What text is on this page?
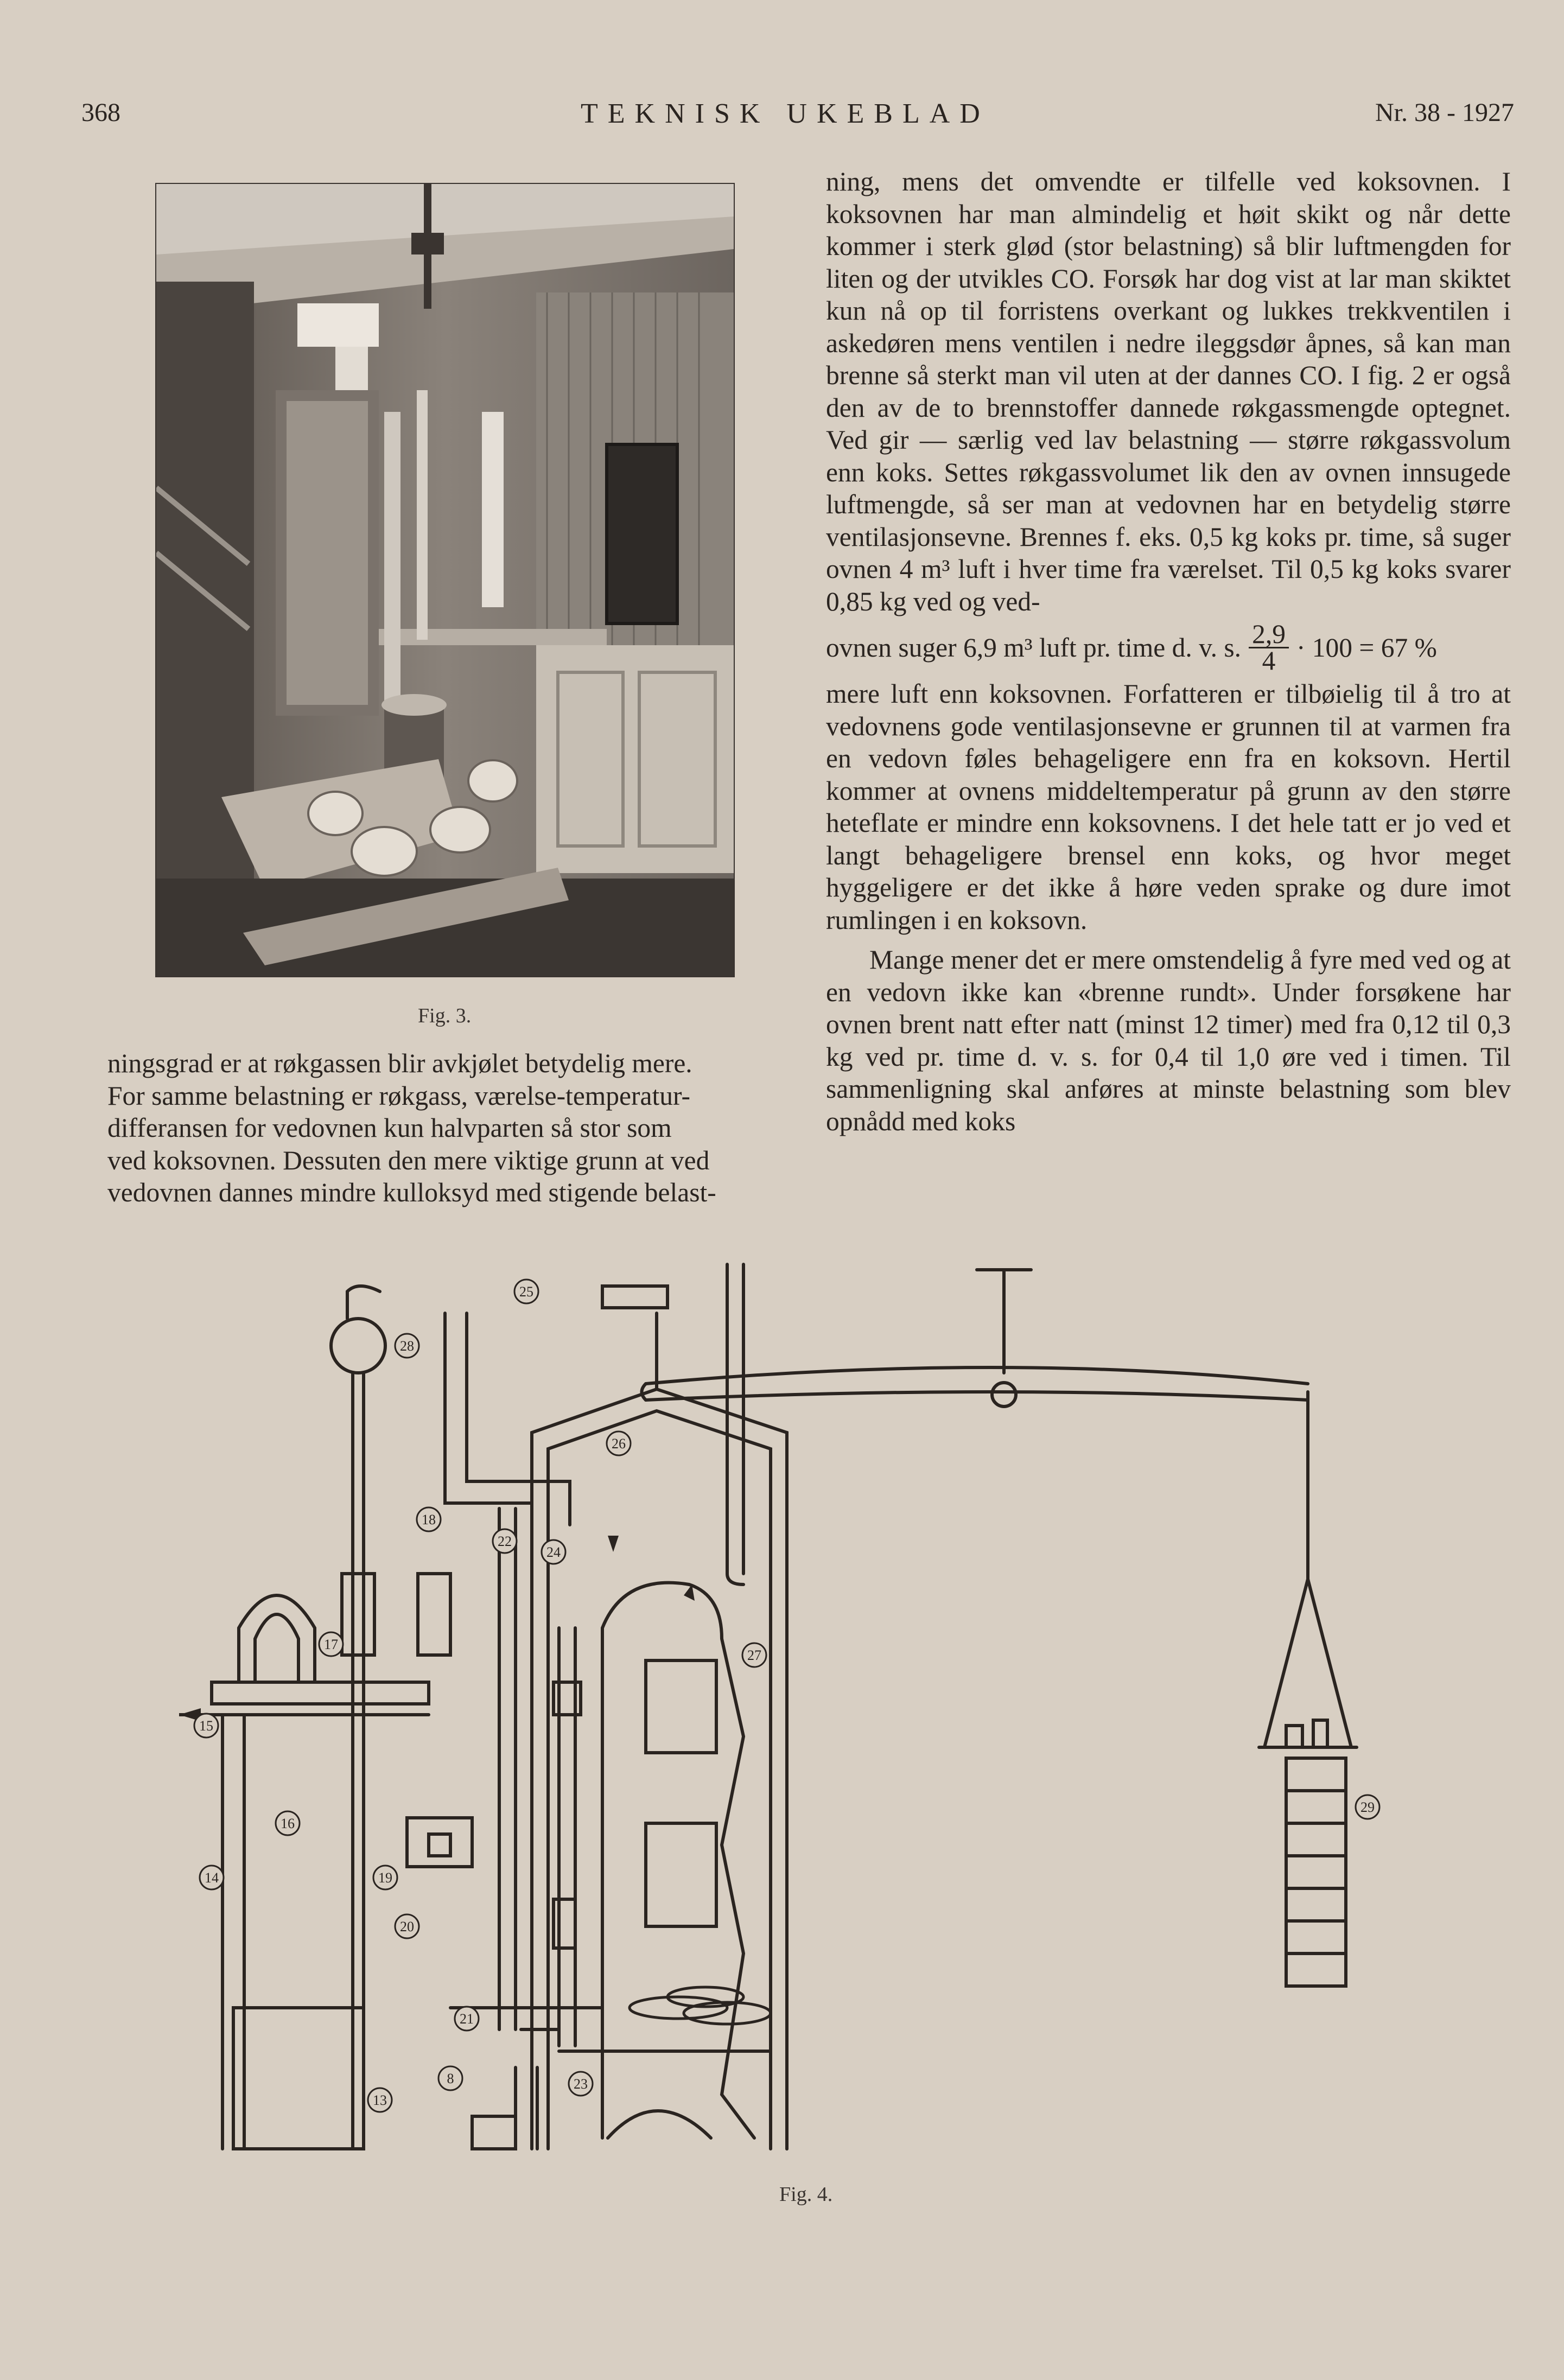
368	TEKNISK UKEBLAD	Nr. 38 - 1927
Fig. 3.

ningsgrad er at røkgassen blir avkjølet betydelig mere.

For samme belastning er røkgass, værelse-temperatur-

differansen for vedovnen kun halvparten så stor som

ved koksovnen. Dessuten den mere viktige grunn at ved

vedovnen dannes mindre kulloksyd med stigende belast-

ning, mens det omvendte er tilfelle ved koksovnen. I koksovnen har man almindelig et høit skikt og når dette kommer i sterk glød (stor belastning) så blir luftmengden for liten og der utvikles CO. Forsøk har dog vist at lar man skiktet kun nå op til forristens overkant og lukkes trekkventilen i askedøren mens ventilen i nedre ileggsdør åpnes, så kan man brenne så sterkt man vil uten at der dannes CO. I fig. 2 er også den av de to brennstoffer dannede røkgassmengde optegnet. Ved gir — særlig ved lav belastning — større røkgassvolum enn koks. Settes røkgassvolumet lik den av ovnen innsugede luftmengde, så ser man at vedovnen har en betydelig større ventilasjonsevne. Brennes f. eks. 0,5 kg koks pr. time, så suger ovnen 4 m³ luft i hver time fra værelset. Til 0,5 kg koks svarer 0,85 kg ved og ved-

ovnen suger 6,9 m³ luft pr. time d. v. s. $\frac{2,9}{4} \cdot 100 = 67$ %

mere luft enn koksovnen. Forfatteren er tilbøielig til å tro at vedovnens gode ventilasjonsevne er grunnen til at varmen fra en vedovn føles behageligere enn fra en koksovn. Hertil kommer at ovnens middeltemperatur på grunn av den større heteflate er mindre enn koksovnens. I det hele tatt er jo ved et langt behageligere brensel enn koks, og hvor meget hyggeligere er det ikke å høre veden sprake og dure imot rumlingen i en koksovn.

Mange mener det er mere omstendelig å fyre med ved og at en vedovn ikke kan «brenne rundt». Under forsøkene har ovnen brent natt efter natt (minst 12 timer) med fra 0,12 til 0,3 kg ved pr. time d. v. s. for 0,4 til 1,0 øre ved i timen. Til sammenligning skal anføres at minste belastning som blev opnådd med koks

25
26
28
18
22
24
17
15
16
27
14	19
20
21
8	23
13
29
Fig. 4.
